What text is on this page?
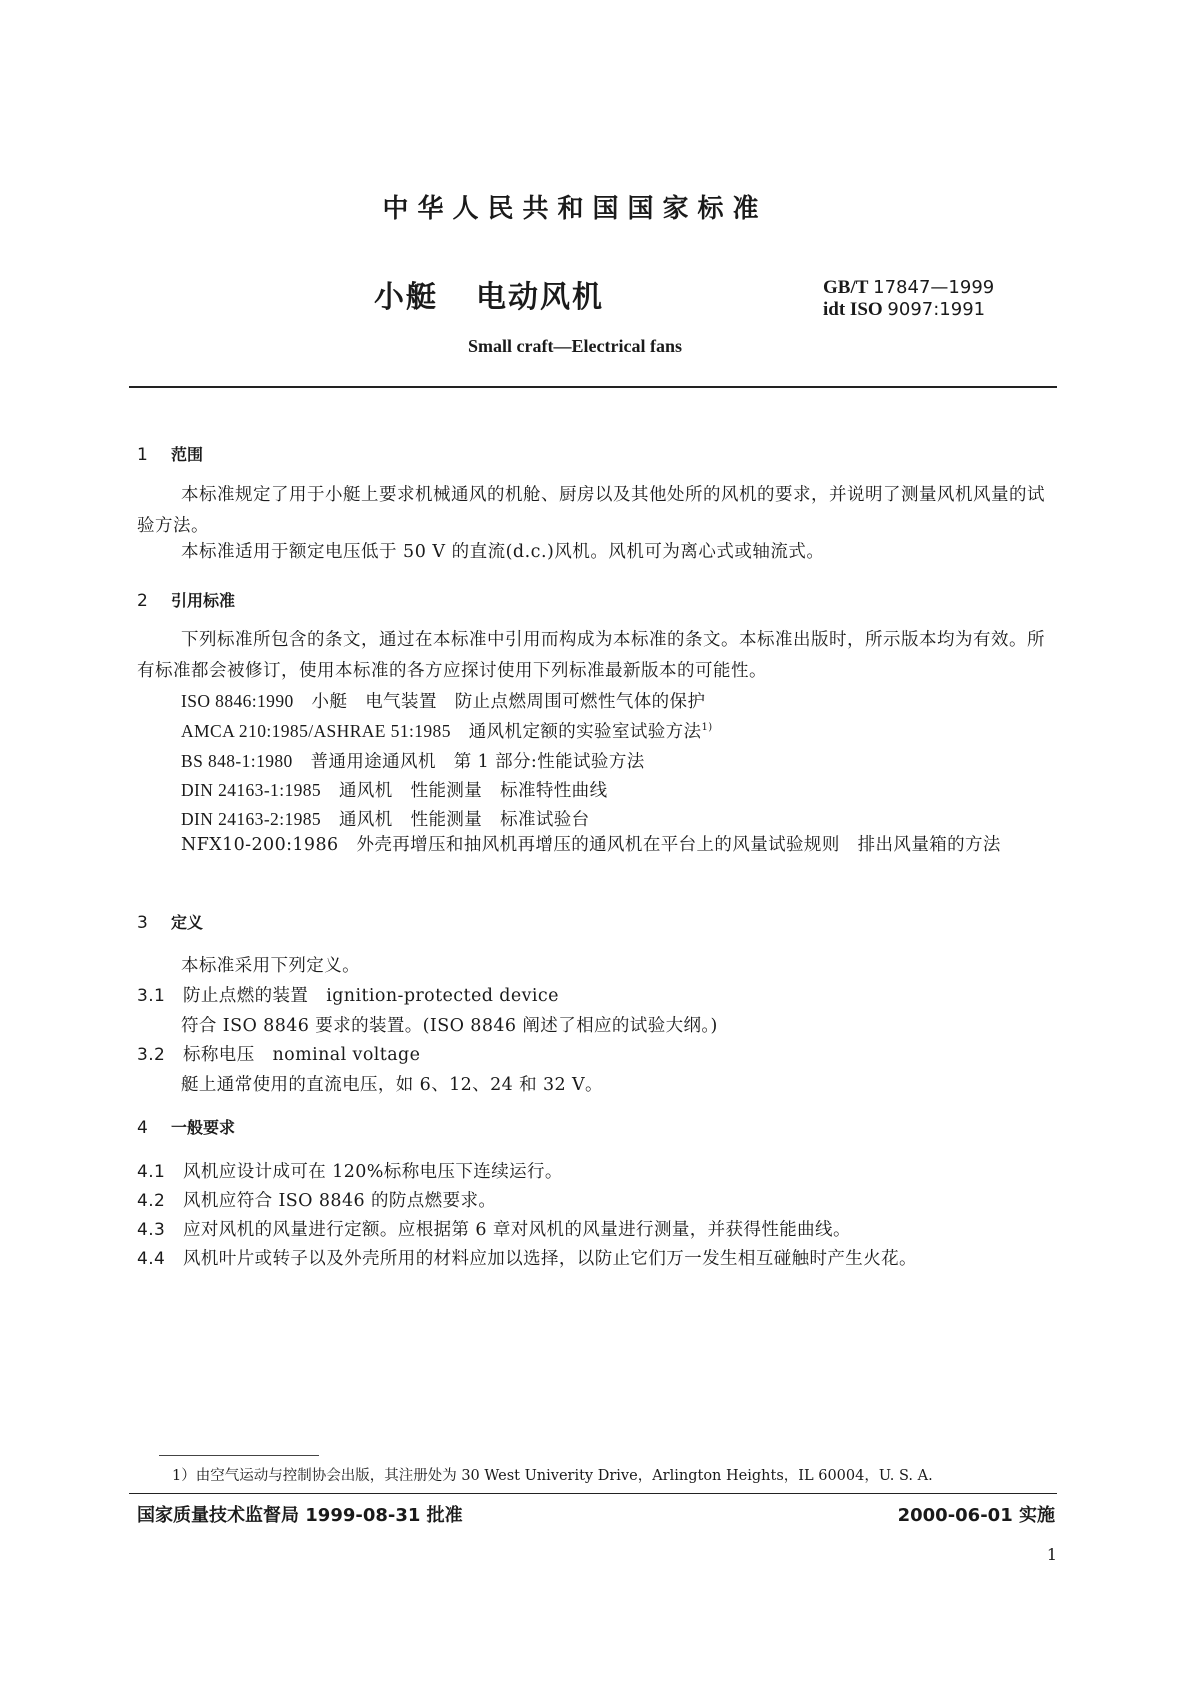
中华人民共和国国家标准
小艇 电动风机	GB/T 17847—1999
idt ISO 9097:1991
Small craft—Electrical fans
1 范围
本标准规定了用于小艇上要求机械通风的机舱、厨房以及其他处所的风机的要求，并说明了测量风机风量的试验方法。
本标准适用于额定电压低于 50 V 的直流(d.c.)风机。风机可为离心式或轴流式。
2 引用标准
下列标准所包含的条文，通过在本标准中引用而构成为本标准的条文。本标准出版时，所示版本均为有效。所有标准都会被修订，使用本标准的各方应探讨使用下列标准最新版本的可能性。
ISO 8846:1990　 小艇　电气装置　防止点燃周围可燃性气体的保护
AMCA 210:1985/ASHRAE 51:1985　 通风机定额的实验室试验方法$^{1)}$
BS 848-1:1980　 普通用途通风机　第 1 部分:性能试验方法
DIN 24163-1:1985　 通风机　性能测量　标准特性曲线
DIN 24163-2:1985　 通风机　性能测量　标准试验台
NFX10-200:1986　 外壳再增压和抽风机再增压的通风机在平台上的风量试验规则　排出风量箱的方法
3 定义
本标准采用下列定义。
3.1 防止点燃的装置　ignition-protected device
符合 ISO 8846 要求的装置。(ISO 8846 阐述了相应的试验大纲。)
3.2 标称电压　nominal voltage
艇上通常使用的直流电压，如 6、12、24 和 32 V。
4 一般要求
4.1 风机应设计成可在 120%标称电压下连续运行。
4.2 风机应符合 ISO 8846 的防点燃要求。
4.3 应对风机的风量进行定额。应根据第 6 章对风机的风量进行测量，并获得性能曲线。
4.4 风机叶片或转子以及外壳所用的材料应加以选择，以防止它们万一发生相互碰触时产生火花。
1）由空气运动与控制协会出版，其注册处为 30 West Univerity Drive，Arlington Heights，IL 60004，U. S. A.
国家质量技术监督局 1999-08-31 批准	2000-06-01 实施
1
